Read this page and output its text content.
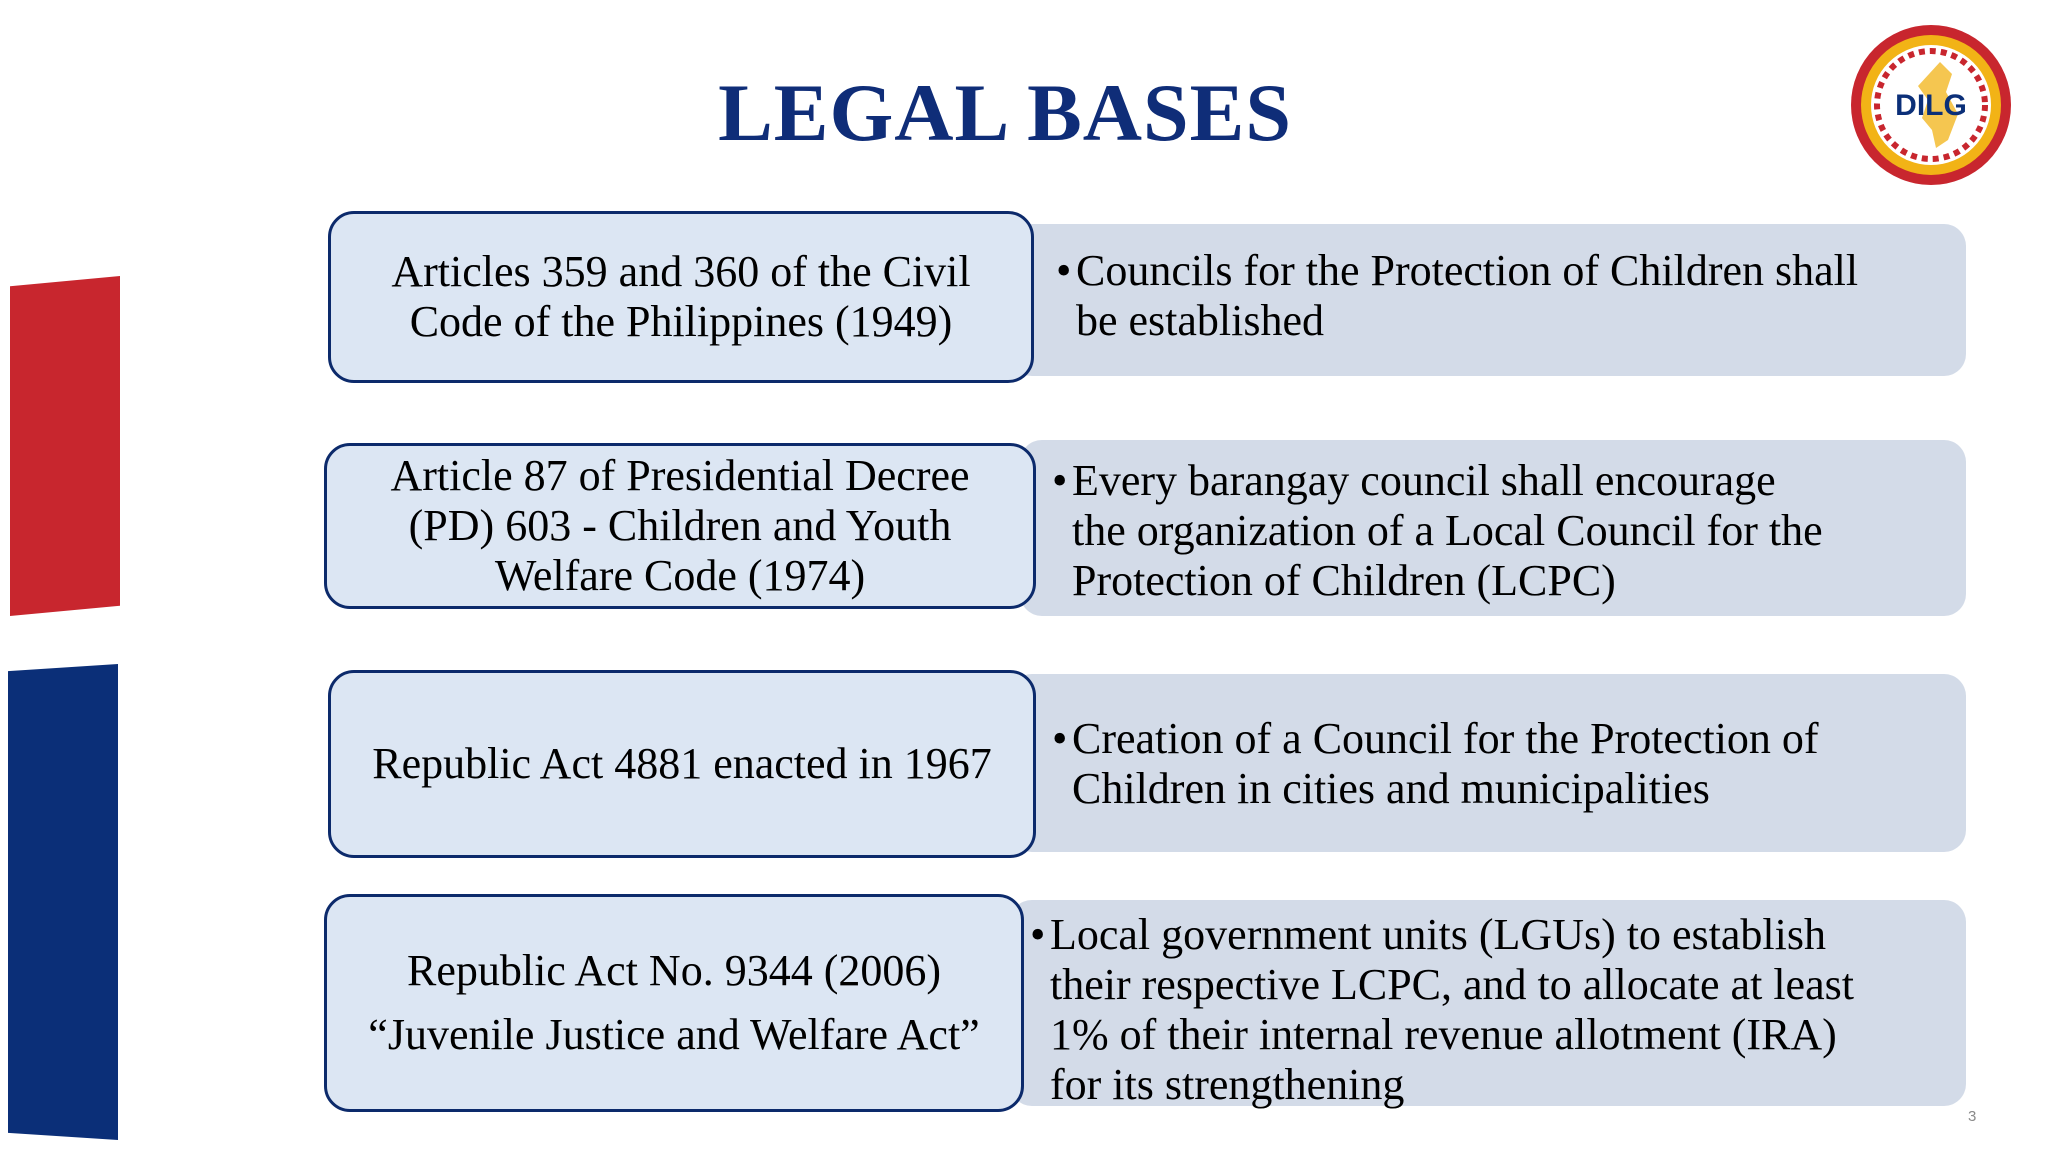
LEGAL BASES	DILG
• Councils for the Protection of Children shall
be established
Articles 359 and 360 of the Civil
Code of the Philippines (1949)
• Every barangay council shall encourage
the organization of a Local Council for the
Protection of Children (LCPC)
Article 87 of Presidential Decree
(PD) 603 - Children and Youth
Welfare Code (1974)
• Creation of a Council for the Protection of
Children in cities and municipalities
Republic Act 4881 enacted in 1967
• Local government units (LGUs) to establish
their respective LCPC, and to allocate at least
1% of their internal revenue allotment (IRA)
for its strengthening
Republic Act No. 9344 (2006)
“Juvenile Justice and Welfare Act”
3
